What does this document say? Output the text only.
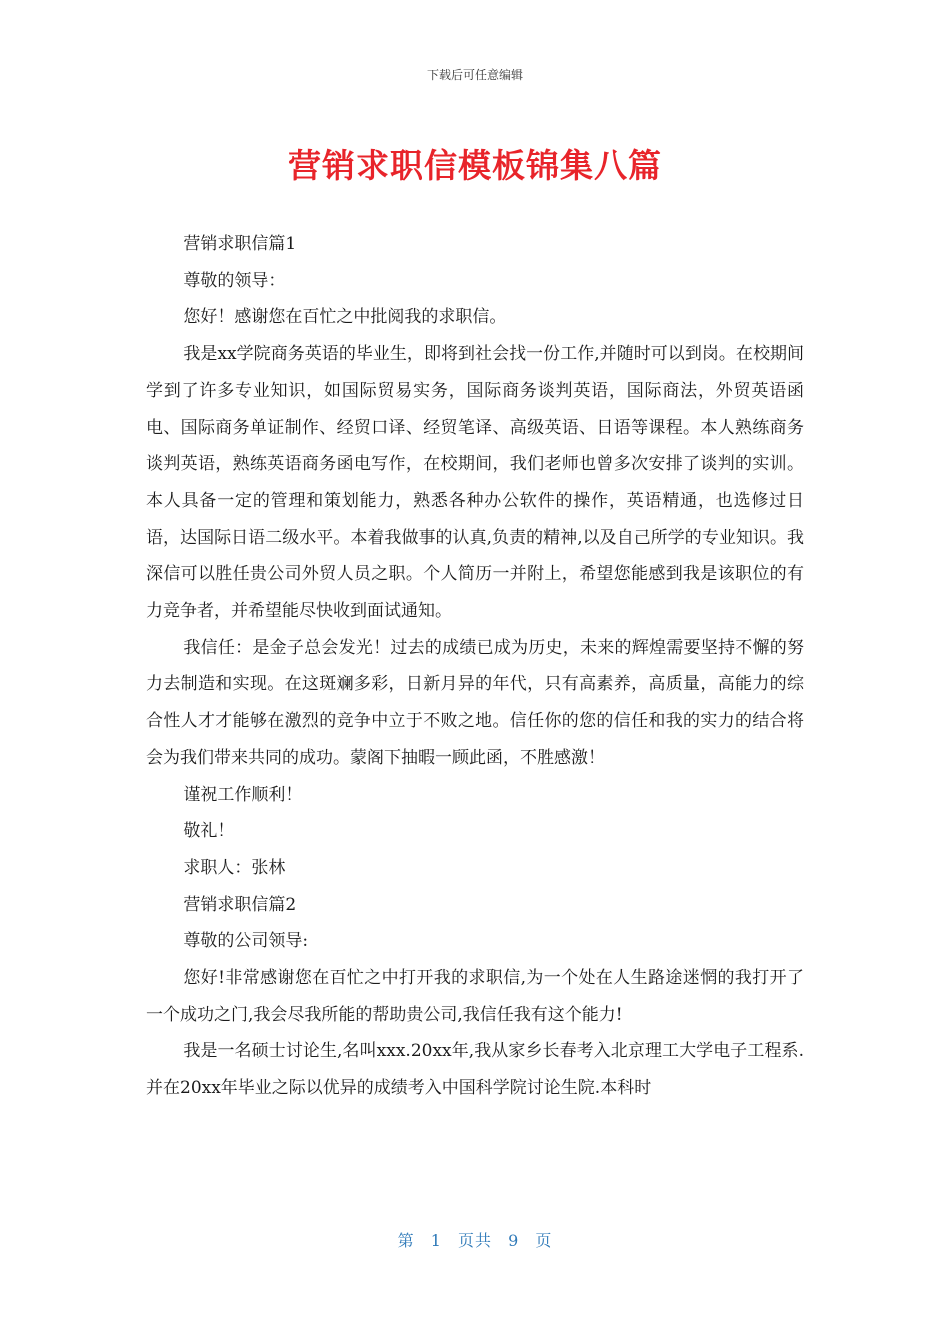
下载后可任意编辑
营销求职信模板锦集八篇

营销求职信篇1

尊敬的领导：

您好！感谢您在百忙之中批阅我的求职信。

我是xx学院商务英语的毕业生，即将到社会找一份工作,并随时可以到岗。在校期间学到了许多专业知识，如国际贸易实务，国际商务谈判英语，国际商法，外贸英语函电、国际商务单证制作、经贸口译、经贸笔译、高级英语、日语等课程。本人熟练商务谈判英语，熟练英语商务函电写作，在校期间，我们老师也曾多次安排了谈判的实训。本人具备一定的管理和策划能力，熟悉各种办公软件的操作，英语精通，也选修过日语，达国际日语二级水平。本着我做事的认真,负责的精神,以及自己所学的专业知识。我深信可以胜任贵公司外贸人员之职。个人简历一并附上，希望您能感到我是该职位的有力竞争者，并希望能尽快收到面试通知。

我信任：是金子总会发光！过去的成绩已成为历史，未来的辉煌需要坚持不懈的努力去制造和实现。在这斑斓多彩，日新月异的年代，只有高素养，高质量，高能力的综合性人才才能够在激烈的竞争中立于不败之地。信任你的您的信任和我的实力的结合将会为我们带来共同的成功。蒙阁下抽暇一顾此函，不胜感激！

谨祝工作顺利！

敬礼！

求职人：张林

营销求职信篇2

尊敬的公司领导:

您好!非常感谢您在百忙之中打开我的求职信,为一个处在人生路途迷惘的我打开了一个成功之门,我会尽我所能的帮助贵公司,我信任我有这个能力!

我是一名硕士讨论生,名叫xxx.20xx年,我从家乡长春考入北京理工大学电子工程系.并在20xx年毕业之际以优异的成绩考入中国科学院讨论生院.本科时

第 1 页共 9 页
